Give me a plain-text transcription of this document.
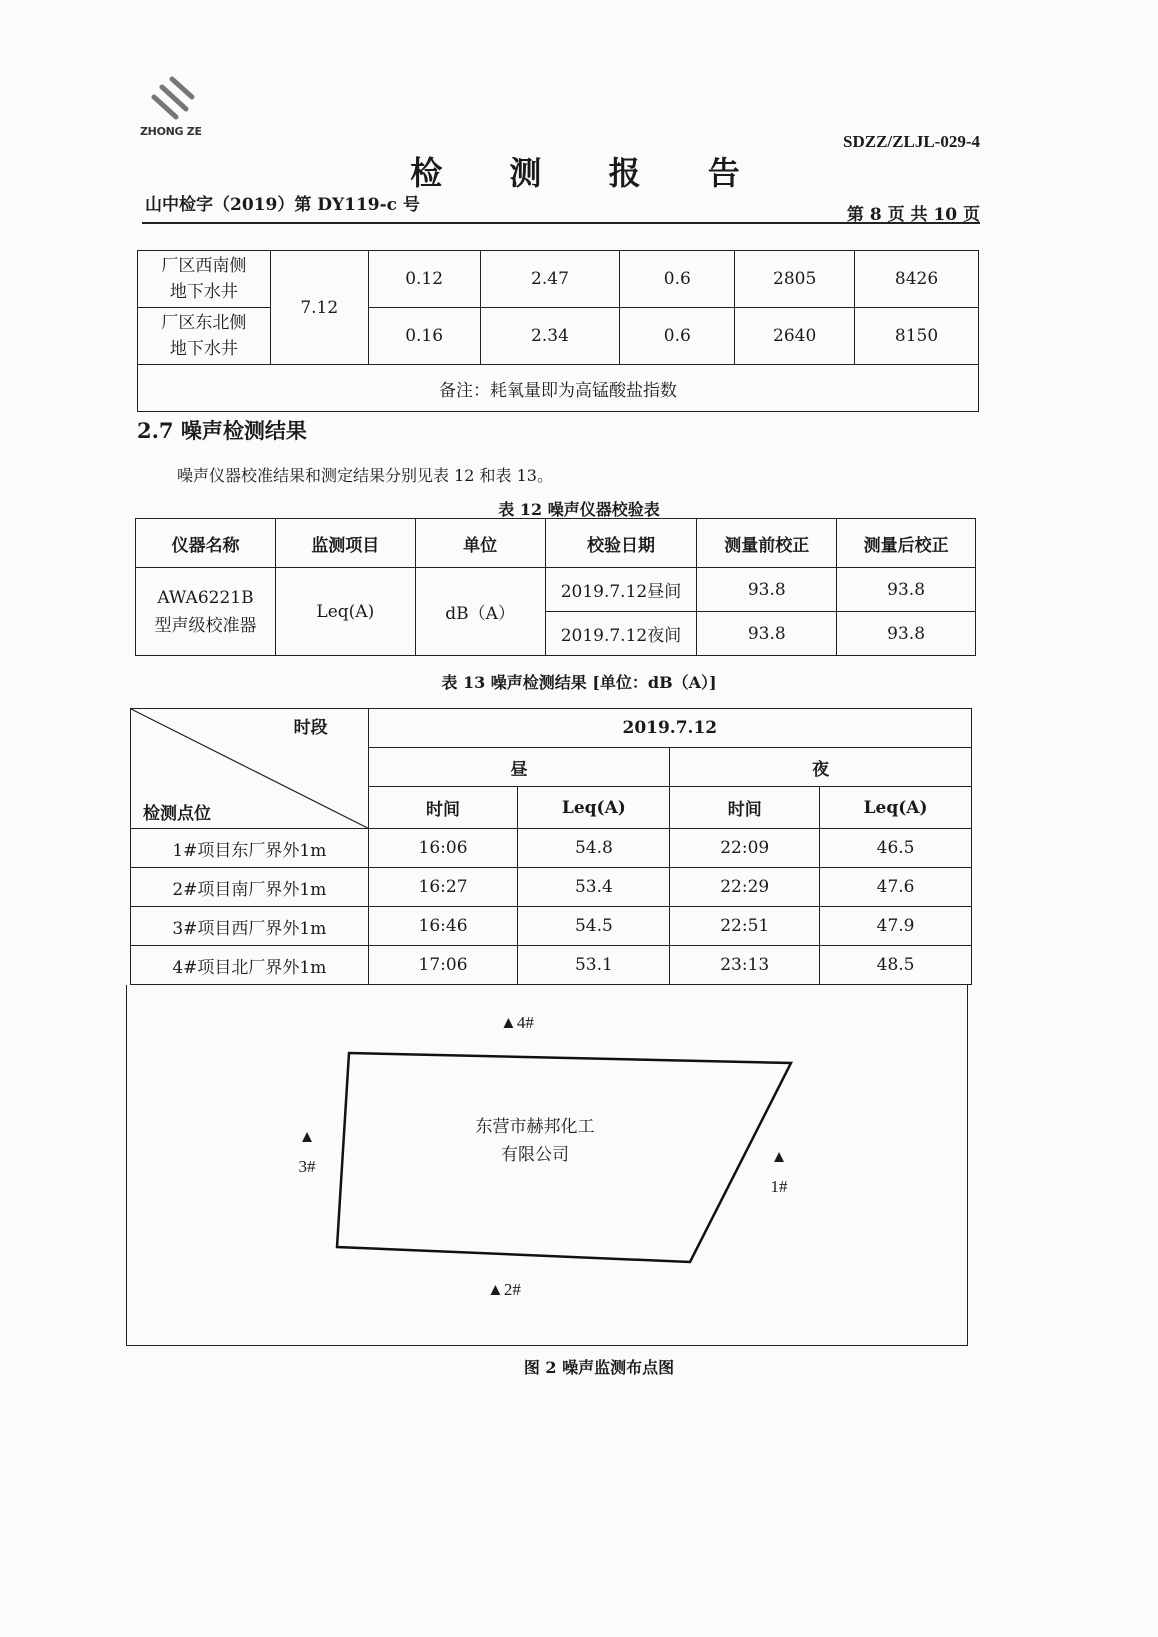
ZHONG ZE
SDZZ/ZLJL-029-4
检 测 报 告
山中检字（2019）第 DY119-c 号	第 8 页 共 10 页
厂区西南侧
地下水井	7.12	0.12	2.47	0.6	2805	8426

厂区东北侧
地下水井		0.16	2.34	0.6	2640	8150
备注：耗氧量即为高锰酸盐指数						
2.7 噪声检测结果
噪声仪器校准结果和测定结果分别见表 12 和表 13。
表 12 噪声仪器校验表
仪器名称	监测项目	单位	校验日期	测量前校正	测量后校正

AWA6221B
型声级校准器	Leq(A)	dB（A）	2019.7.12昼间	93.8	93.8
			2019.7.12夜间	93.8	93.8
表 13 噪声检测结果 [单位：dB（A）]
时段
检测点位	2019.7.12			
	昼		夜	
	时间	Leq(A)	时间	Leq(A)
1#项目东厂界外1m	16:06	54.8	22:09	46.5
2#项目南厂界外1m	16:27	53.4	22:29	47.6
3#项目西厂界外1m	16:46	54.5	22:51	47.9
4#项目北厂界外1m	17:06	53.1	23:13	48.5
东营市赫邦化工
有限公司
▲4#
▲
3#
▲
1#
▲2#
图 2 噪声监测布点图
